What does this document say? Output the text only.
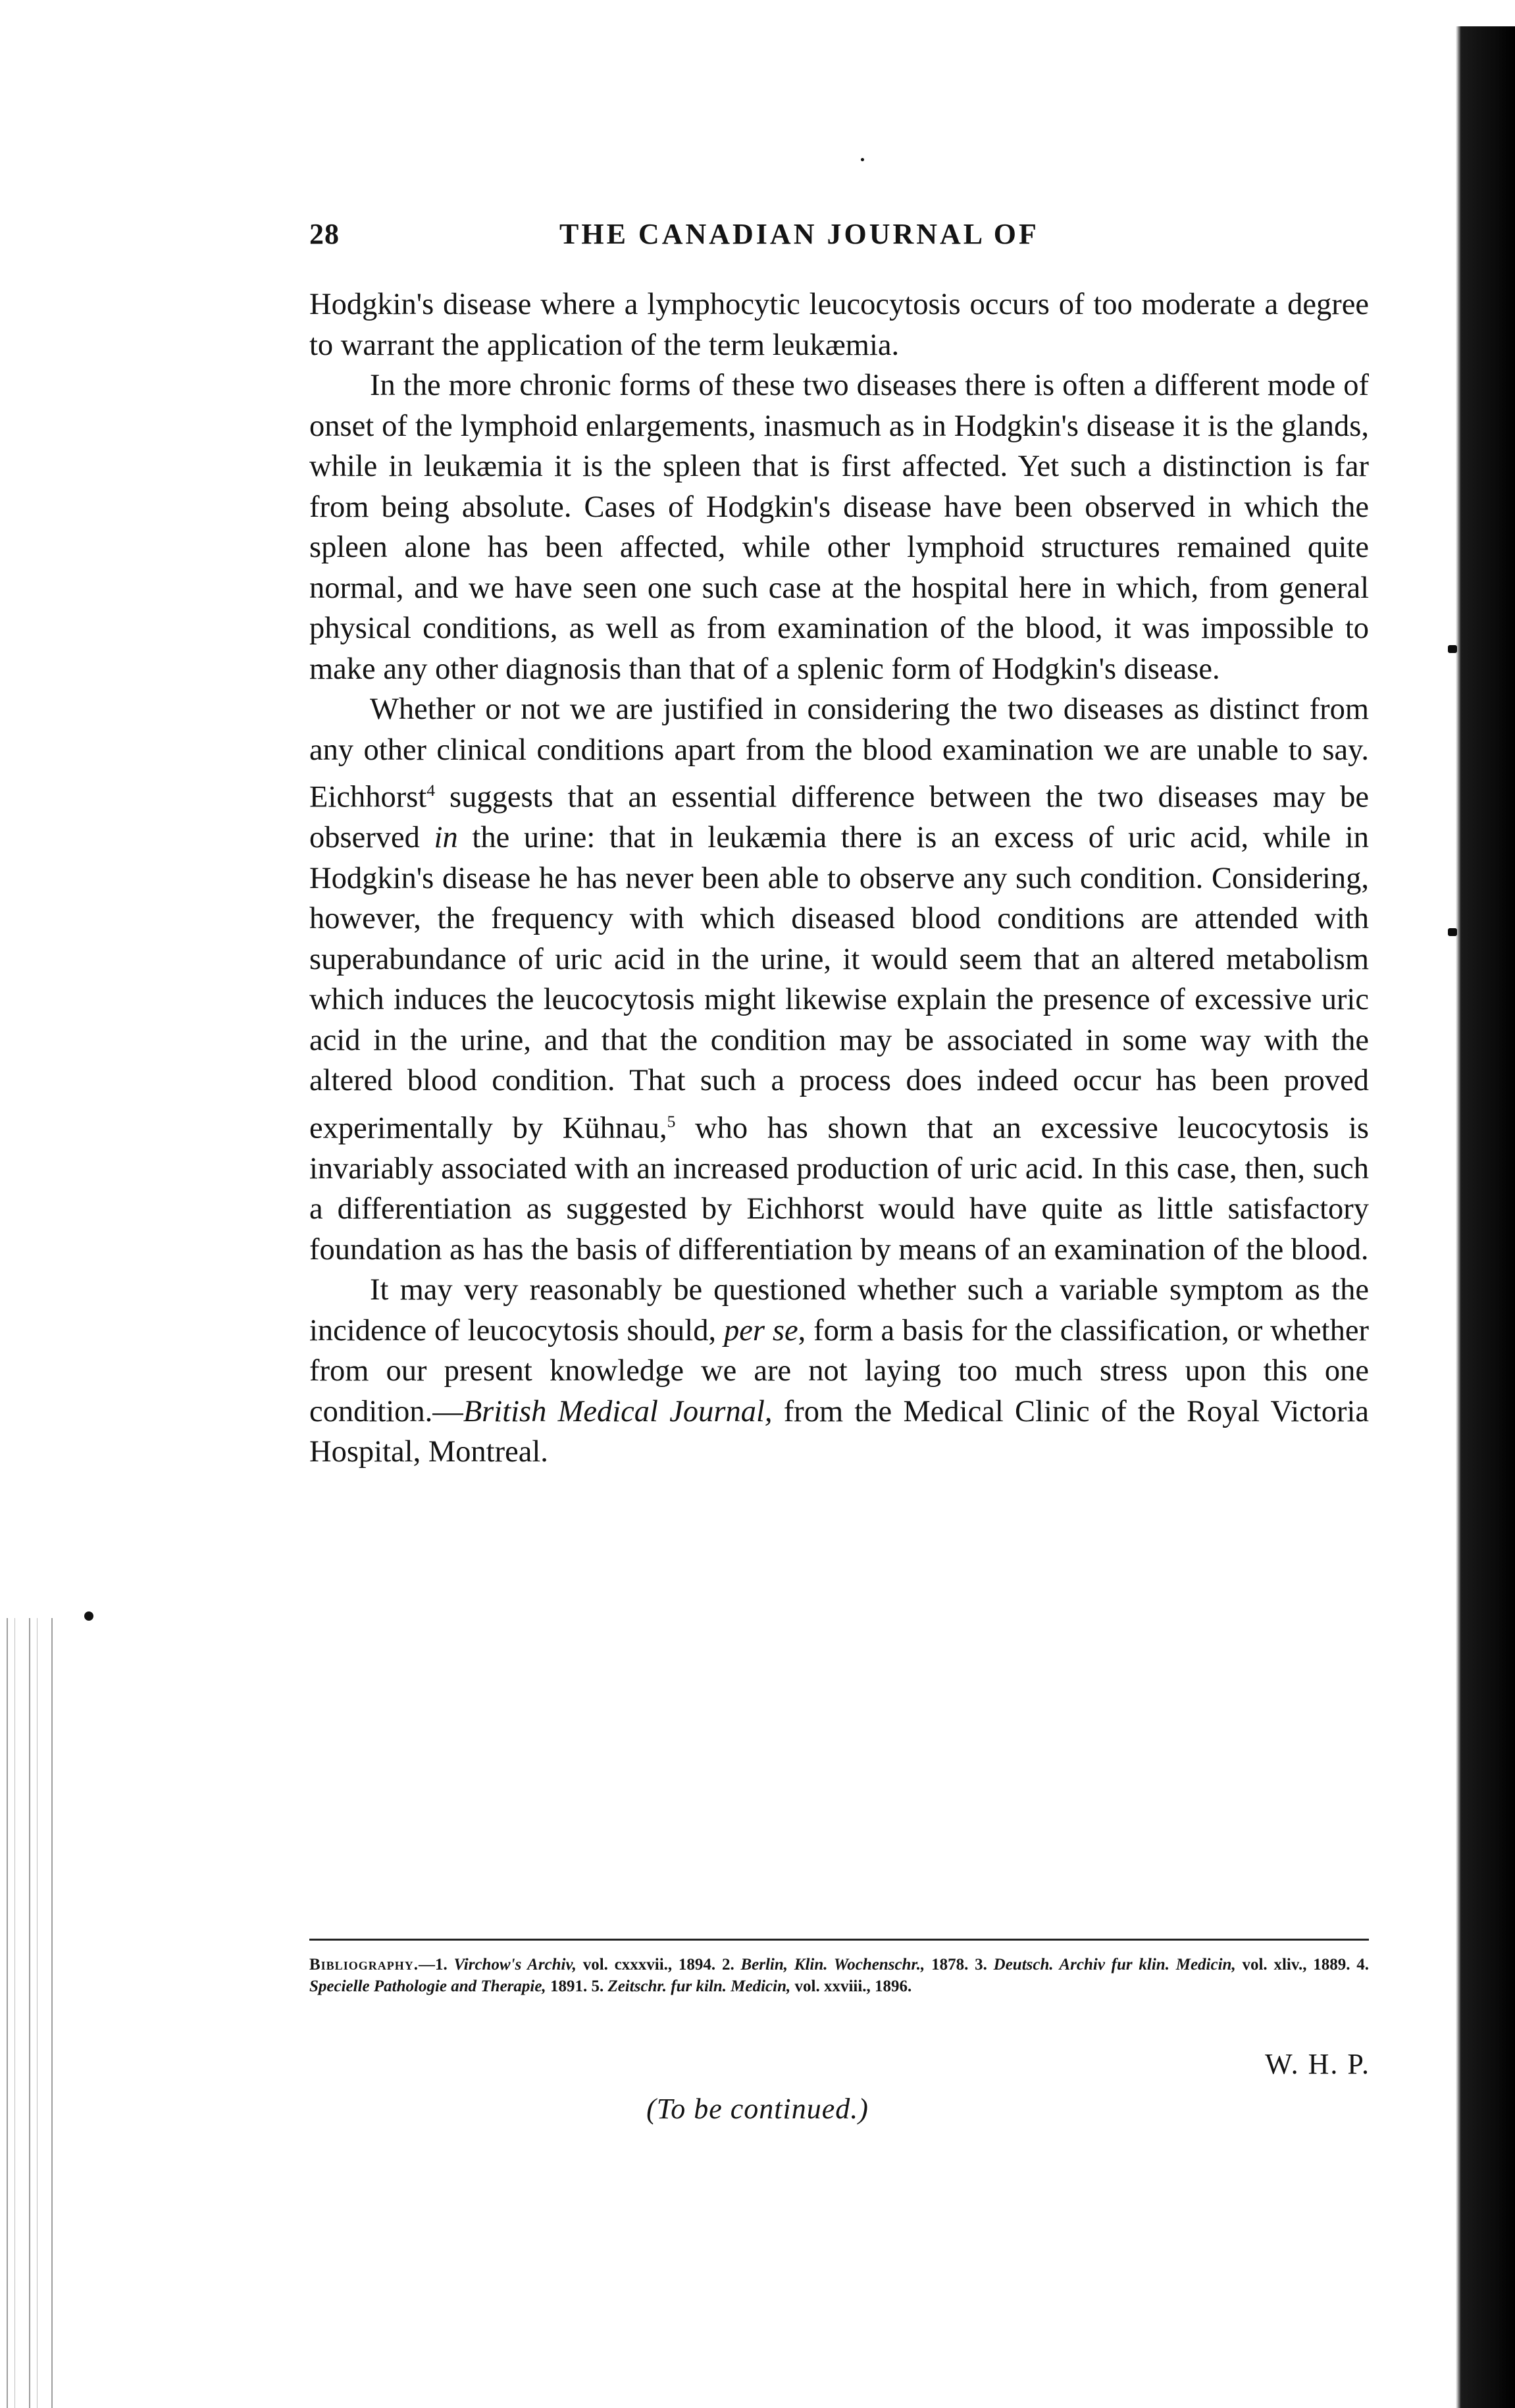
28	THE CANADIAN JOURNAL OF

Hodgkin's disease where a lymphocytic leucocytosis occurs of too moderate a degree to warrant the application of the term leukæmia.

In the more chronic forms of these two diseases there is often a different mode of onset of the lymphoid enlargements, inasmuch as in Hodgkin's disease it is the glands, while in leukæmia it is the spleen that is first affected. Yet such a distinction is far from being absolute. Cases of Hodgkin's disease have been observed in which the spleen alone has been affected, while other lymphoid structures remained quite normal, and we have seen one such case at the hospital here in which, from general physical conditions, as well as from examination of the blood, it was impossible to make any other diagnosis than that of a splenic form of Hodgkin's disease.

Whether or not we are justified in considering the two diseases as distinct from any other clinical conditions apart from the blood examination we are unable to say. Eichhorst$^4$ suggests that an essential difference between the two diseases may be observed in the urine: that in leukæmia there is an excess of uric acid, while in Hodgkin's disease he has never been able to observe any such condition. Considering, however, the frequency with which diseased blood conditions are attended with superabundance of uric acid in the urine, it would seem that an altered metabolism which induces the leucocytosis might likewise explain the presence of excessive uric acid in the urine, and that the condition may be associated in some way with the altered blood condition. That such a process does indeed occur has been proved experimentally by Kühnau,$^5$ who has shown that an excessive leucocytosis is invariably associated with an increased production of uric acid. In this case, then, such a differentiation as suggested by Eichhorst would have quite as little satisfactory foundation as has the basis of differentiation by means of an examination of the blood.

It may very reasonably be questioned whether such a variable symptom as the incidence of leucocytosis should, per se, form a basis for the classification, or whether from our present knowledge we are not laying too much stress upon this one condition.—British Medical Journal, from the Medical Clinic of the Royal Victoria Hospital, Montreal.

Bibliography.—1. Virchow's Archiv, vol. cxxxvii., 1894. 2. Berlin, Klin. Wochenschr., 1878. 3. Deutsch. Archiv fur klin. Medicin, vol. xliv., 1889. 4. Specielle Pathologie and Therapie, 1891. 5. Zeitschr. fur kiln. Medicin, vol. xxviii., 1896.
W. H. P.
(To be continued.)
